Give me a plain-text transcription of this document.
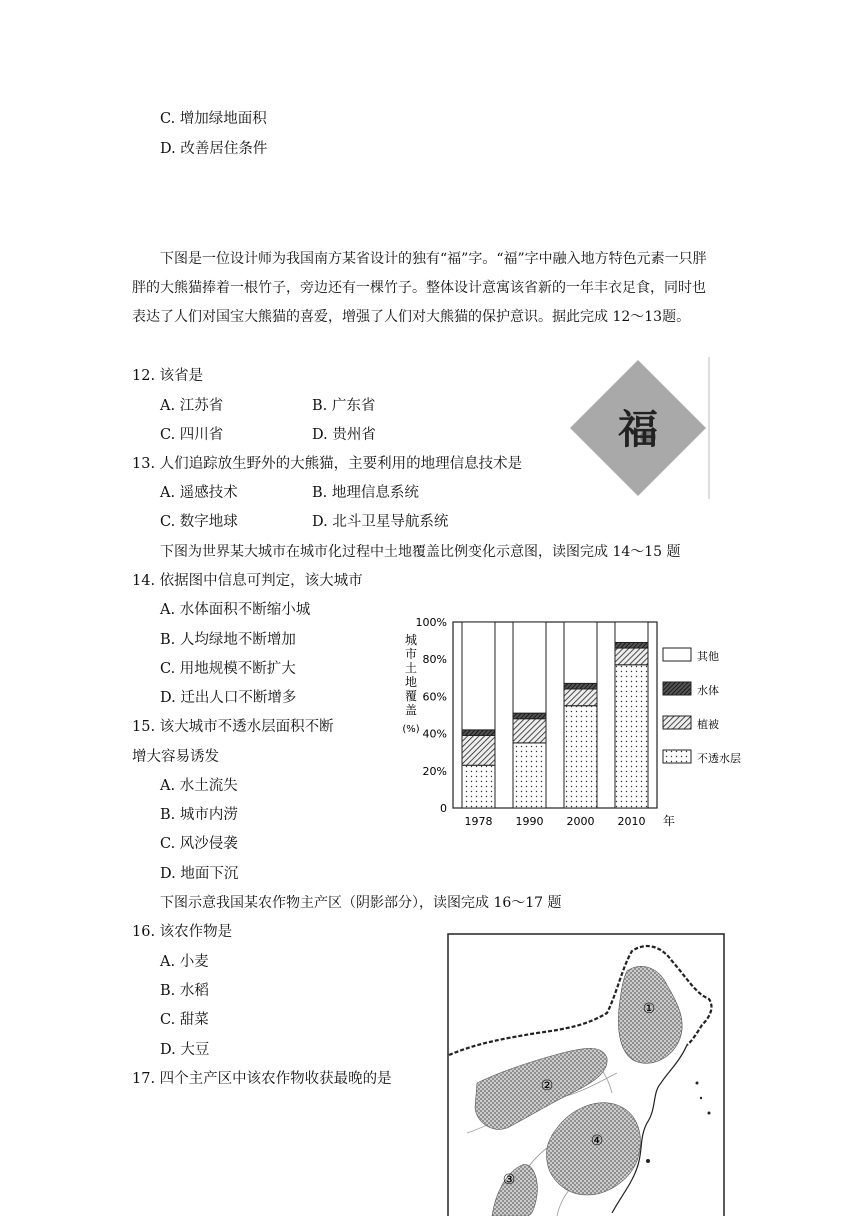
C. 增加绿地面积
D. 改善居住条件
下图是一位设计师为我国南方某省设计的独有“福”字。“福”字中融入地方特色元素一只胖胖的大熊猫捧着一根竹子，旁边还有一棵竹子。整体设计意寓该省新的一年丰衣足食，同时也表达了人们对国宝大熊猫的喜爱，增强了人们对大熊猫的保护意识。据此完成 12～13题。
12. 该省是
A. 江苏省	B. 广东省
C. 四川省	D. 贵州省	福
13. 人们追踪放生野外的大熊猫，主要利用的地理信息技术是
A. 遥感技术	B. 地理信息系统
C. 数字地球	D. 北斗卫星导航系统
下图为世界某大城市在城市化过程中土地覆盖比例变化示意图，读图完成 14～15 题
14. 依据图中信息可判定，该大城市
A. 水体面积不断缩小城
B. 人均绿地不断增加
C. 用地规模不断扩大
D. 迁出人口不断增多
15. 该大城市不透水层面积不断
增大容易诱发
A. 水土流失
B. 城市内涝
C. 风沙侵袭
D. 地面下沉
城
市
土
地
覆
盖
(%)
0
20%
40%
60%
80%
100%
1978 1990 2000 2010 年
其他
水体
植被
不透水层
下图示意我国某农作物主产区（阴影部分），读图完成 16～17 题
16. 该农作物是
A. 小麦
B. 水稻
C. 甜菜
D. 大豆
17. 四个主产区中该农作物收获最晚的是
①
②
③
④
